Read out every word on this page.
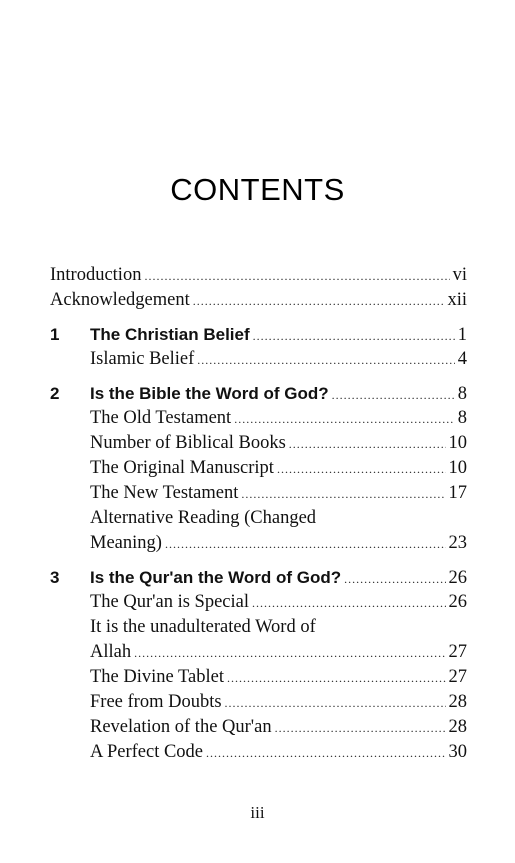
CONTENTS
Introduction .....	vi
Acknowledgement .....	xii
1	The Christian Belief .....	1
Islamic Belief .....	4
2	Is the Bible the Word of God? .....	8
The Old Testament .....	8
Number of Biblical Books .....	10
The Original Manuscript .....	10
The New Testament .....	17
Alternative Reading (Changed
Meaning) .....	23
3	Is the Qur'an the Word of God? .....	26
The Qur'an is Special .....	26
It is the unadulterated Word of
Allah .....	27
The Divine Tablet .....	27
Free from Doubts .....	28
Revelation of the Qur'an .....	28
A Perfect Code .....	30
iii
